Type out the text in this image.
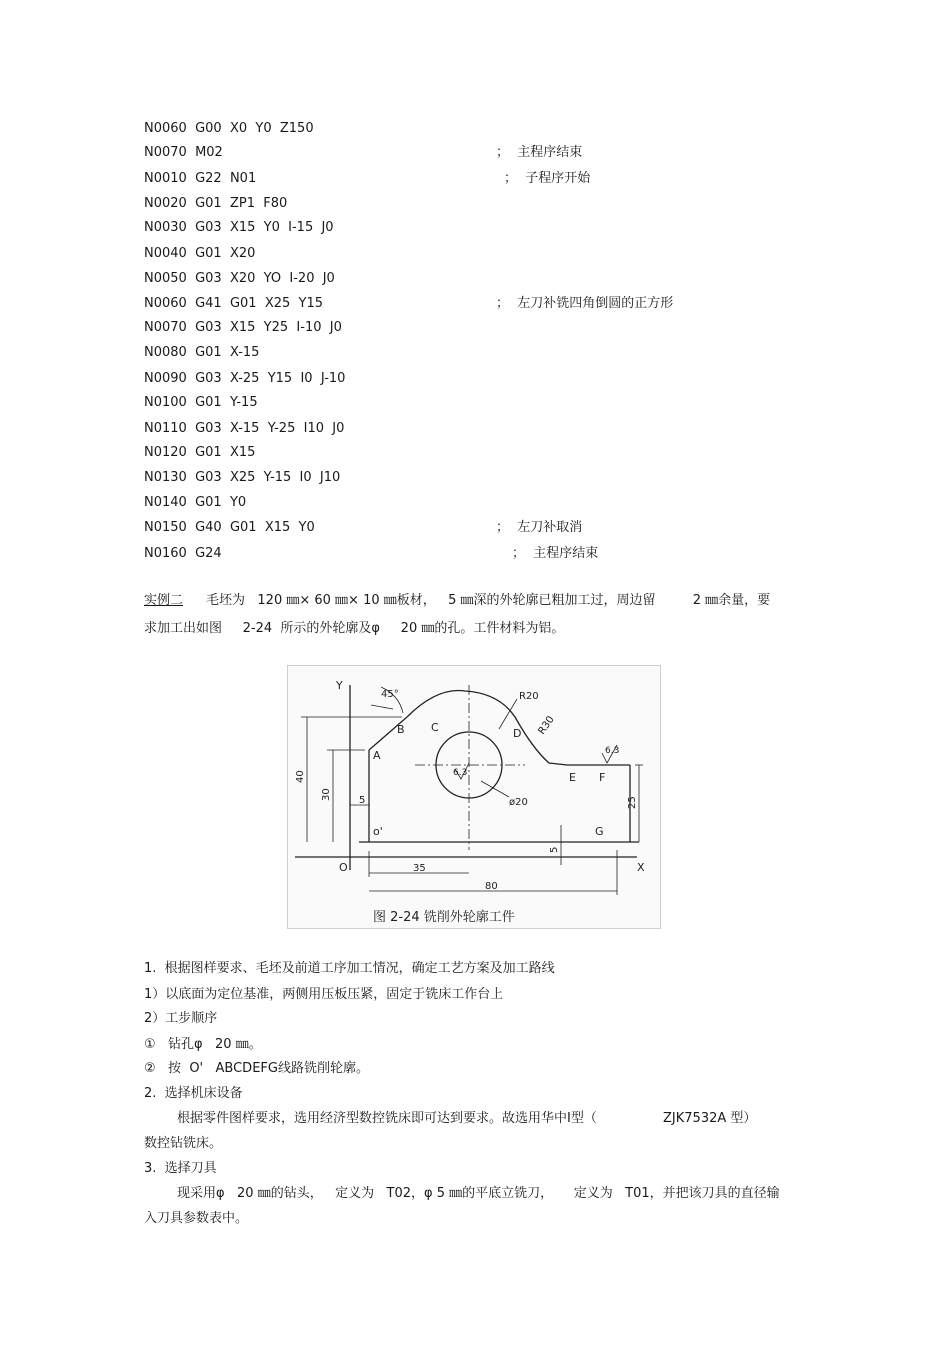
N0060  G00  X0  Y0  Z150
N0070  M02	；  主程序结束
N0010  G22  N01	；  子程序开始
N0020  G01  ZP1  F80
N0030  G03  X15  Y0  I-15  J0
N0040  G01  X20
N0050  G03  X20  YO  I-20  J0
N0060  G41  G01  X25  Y15	；  左刀补铣四角倒圆的正方形
N0070  G03  X15  Y25  I-10  J0
N0080  G01  X-15
N0090  G03  X-25  Y15  I0  J-10
N0100  G01  Y-15
N0110  G03  X-15  Y-25  I10  J0
N0120  G01  X15
N0130  G03  X25  Y-15  I0  J10
N0140  G01  Y0
N0150  G40  G01  X15  Y0	；  左刀补取消
N0160  G24	；  主程序结束
实例二 毛坯为   120 ㎜× 60 ㎜× 10 ㎜板材，   5 ㎜深的外轮廓已粗加工过，周边留         2 ㎜余量，要
求加工出如图     2-24  所示的外轮廓及φ     20 ㎜的孔。工件材料为铝。
Y
X
O
o'
A
B C	D
E F
G
45°	R20
R30
ø20
6.3
6.3
40
30
25
5
5
35
80
图 2-24 铣削外轮廓工件
1.  根据图样要求、毛坯及前道工序加工情况，确定工艺方案及加工路线
1）以底面为定位基准，两侧用压板压紧，固定于铣床工作台上
2）工步顺序
①   钻孔φ   20 ㎜。
②   按  O'   ABCDEFG线路铣削轮廓。
2.  选择机床设备
根据零件图样要求，选用经济型数控铣床即可达到要求。故选用华中Ⅰ型（                ZJK7532A 型）
数控钻铣床。
3.  选择刀具
现采用φ   20 ㎜的钻头，   定义为   T02，φ 5 ㎜的平底立铣刀，     定义为   T01，并把该刀具的直径输
入刀具参数表中。
